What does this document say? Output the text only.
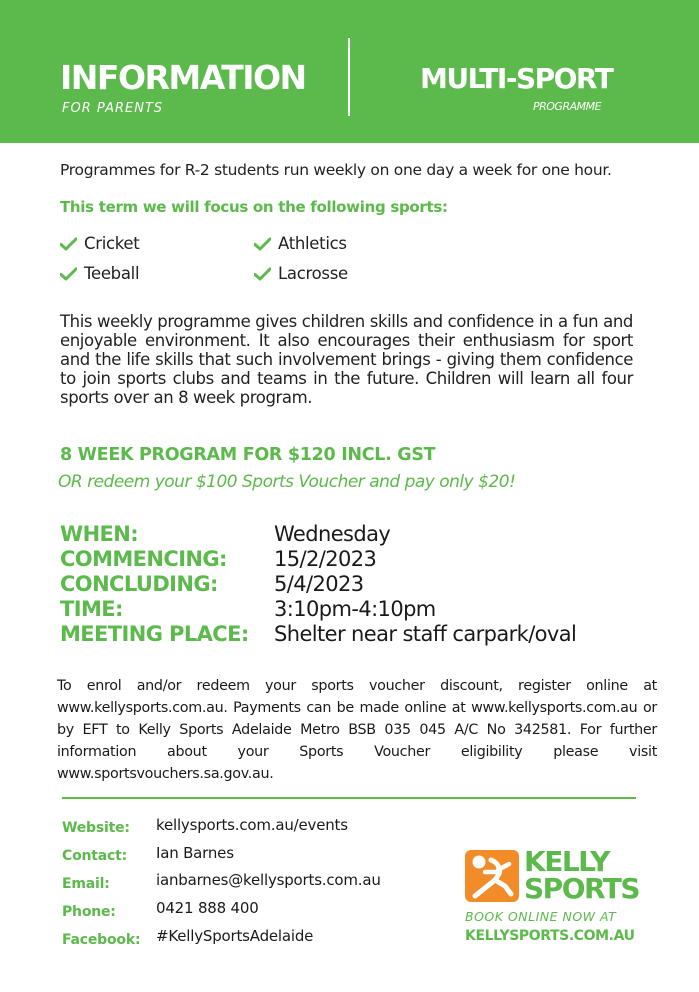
INFORMATION
FOR PARENTS
MULTI-SPORT
PROGRAMME
Programmes for R-2 students run weekly on one day a week for one hour.
This term we will focus on the following sports:
Cricket	Athletics
Teeball	Lacrosse
This weekly programme gives children skills and confidence in a fun and enjoyable environment. It also encourages their enthusiasm for sport and the life skills that such involvement brings - giving them confidence to join sports clubs and teams in the future. Children will learn all four sports over an 8 week program.
8 WEEK PROGRAM FOR $120 INCL. GST
OR redeem your $100 Sports Voucher and pay only $20!
WHEN:	Wednesday
COMMENCING: 15/2/2023
CONCLUDING:	5/4/2023
TIME:	3:10pm-4:10pm
MEETING PLACE: Shelter near staff carpark/oval
To enrol and/or redeem your sports voucher discount, register online at www.kellysports.com.au. Payments can be made online at www.kellysports.com.au or by EFT to Kelly Sports Adelaide Metro BSB 035 045 A/C No 342581. For further information about your Sports Voucher eligibility please visit www.sportsvouchers.sa.gov.au.
Website: kellysports.com.au/events
Contact: Ian Barnes
Email:	ianbarnes@kellysports.com.au
Phone:	0421 888 400
Facebook: #KellySportsAdelaide
KELLY
SPORTS
BOOK ONLINE NOW AT
KELLYSPORTS.COM.AU
